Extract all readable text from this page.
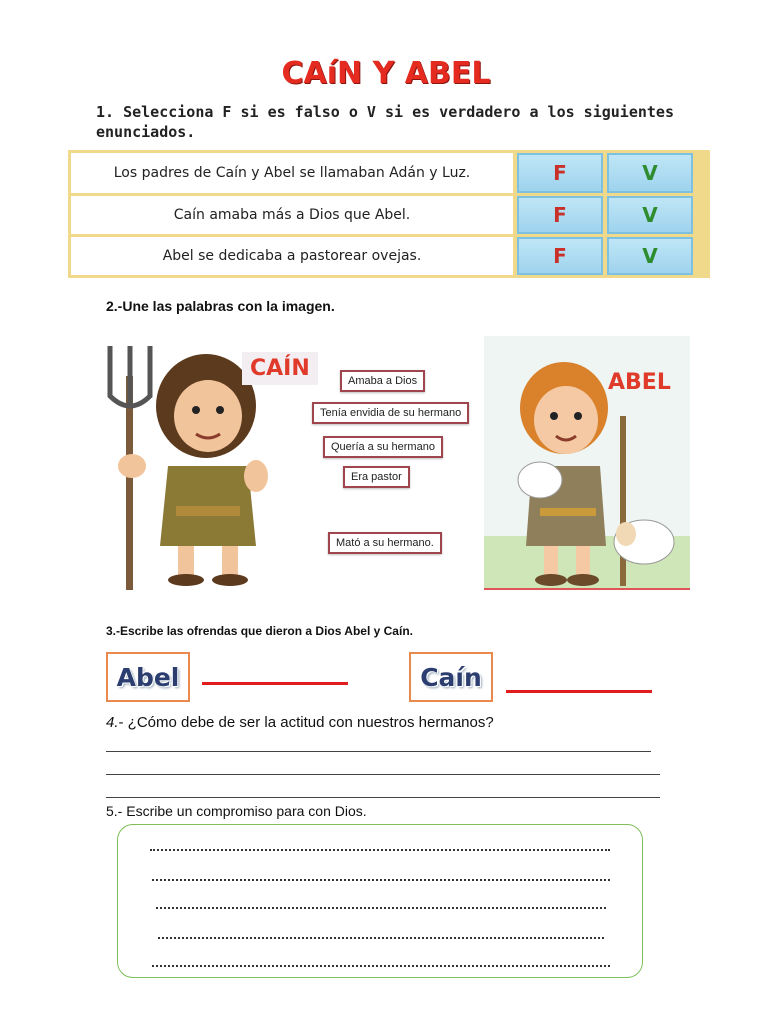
CAíN Y ABEL
1. Selecciona F si es falso o V si es verdadero a los siguientes enunciados.
Los padres de Caín y Abel se llamaban Adán y Luz.	F	V
Caín amaba más a Dios que Abel.	F	V
Abel se dedicaba a pastorear ovejas.	F	V
2.-Une las palabras con la imagen.
CAÍN	Amaba a Dios
Tenía envidia de su hermano
Quería a su hermano
Era pastor
Mató a su hermano.
ABEL
3.-Escribe las ofrendas que dieron a Dios Abel y Caín.
Abel	Caín
4.- ¿Cómo debe de ser la actitud con nuestros hermanos?
5.- Escribe un compromiso para con Dios.
